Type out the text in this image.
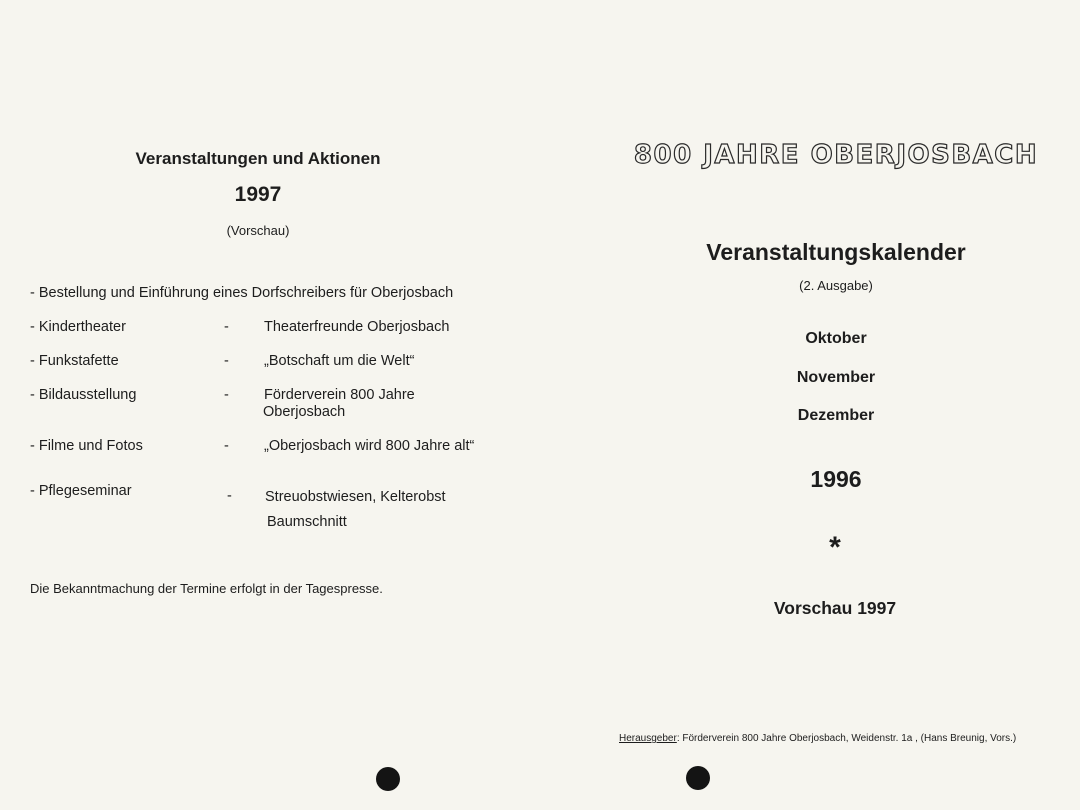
Veranstaltungen und Aktionen
1997
(Vorschau)
- Bestellung und Einführung eines Dorfschreibers für Oberjosbach
- Kindertheater	- Theaterfreunde Oberjosbach
- Funkstafette	- „Botschaft um die Welt“
- Bildausstellung	- Förderverein 800 Jahre
Oberjosbach
- Filme und Fotos	- „Oberjosbach wird 800 Jahre alt“
- Pflegeseminar	- Streuobstwiesen, Kelterobst
Baumschnitt
Die Bekanntmachung der Termine erfolgt in der Tagespresse.
800 JAHRE OBERJOSBACH
Veranstaltungskalender
(2. Ausgabe)
Oktober
November
Dezember
1996
*
Vorschau 1997
Herausgeber: Förderverein 800 Jahre Oberjosbach, Weidenstr. 1a , (Hans Breunig, Vors.)
